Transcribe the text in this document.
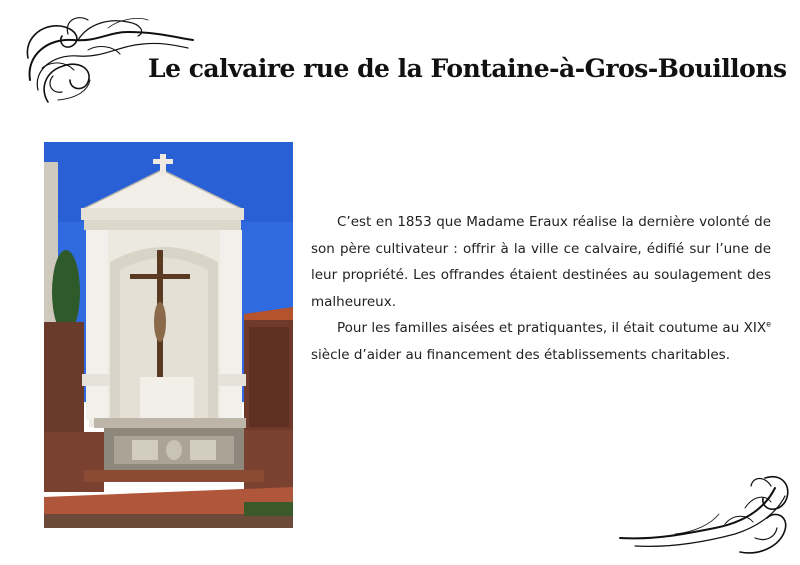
Le calvaire rue de la Fontaine-à-Gros-Bouillons

C’est en 1853 que Madame Eraux réalise la dernière volonté de son père cultivateur : offrir à la ville ce calvaire, édifié sur l’une de leur propriété. Les offrandes étaient destinées au soulagement des malheureux.

Pour les familles aisées et pratiquantes, il était coutume au XIXe siècle d’aider au financement des établissements charitables.
